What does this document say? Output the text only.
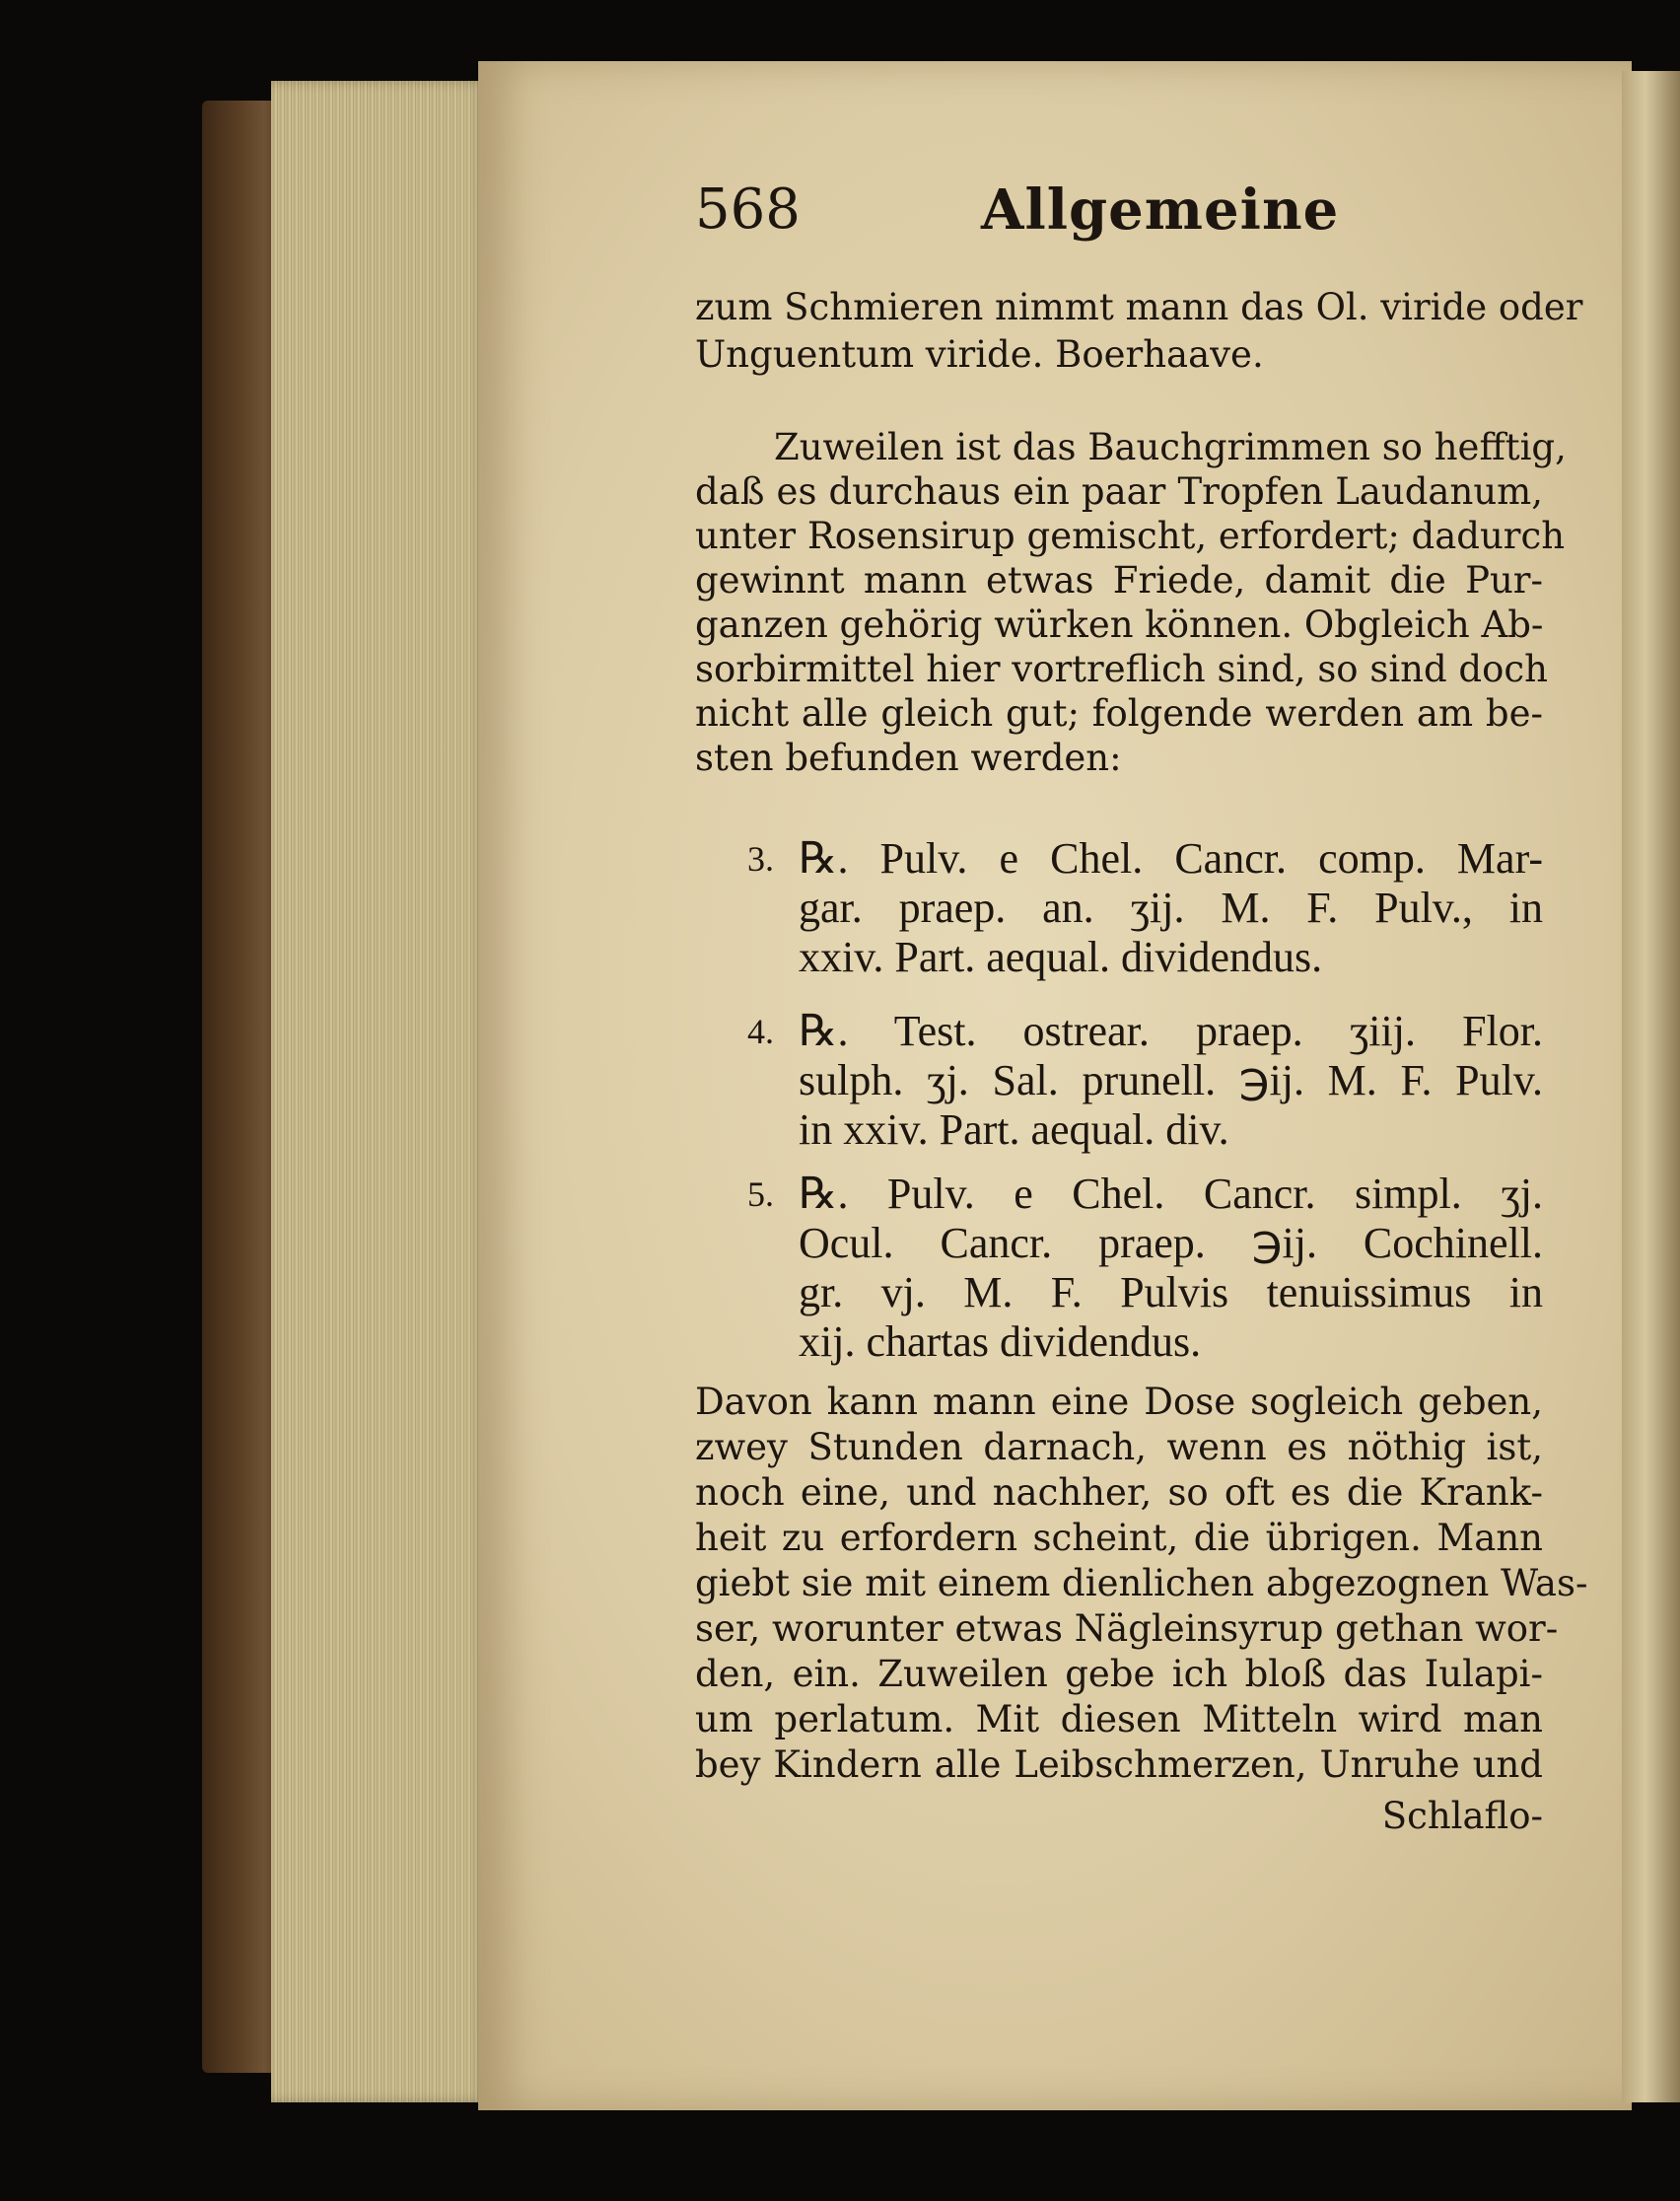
568	Allgemeine
zum Schmieren nimmt mann das Ol. viride oder
Unguentum viride. Boerhaave.
Zuweilen ist das Bauchgrimmen so hefftig,
daß es durchaus ein paar Tropfen Laudanum,
unter Rosensirup gemischt, erfordert; dadurch
gewinnt mann etwas Friede, damit die Pur-
ganzen gehörig würken können. Obgleich Ab-
sorbirmittel hier vortreflich sind, so sind doch
nicht alle gleich gut; folgende werden am be-
sten befunden werden:
3. ℞. Pulv. e Chel. Cancr. comp. Mar-
gar. praep. an. ʒij. M. F. Pulv., in
xxiv. Part. aequal. dividendus.
4. ℞. Test. ostrear. praep. ʒiij. Flor.
sulph. ʒj. Sal. prunell. ℈ij. M. F. Pulv.
in xxiv. Part. aequal. div.
5. ℞. Pulv. e Chel. Cancr. simpl. ʒj.
Ocul. Cancr. praep. ℈ij. Cochinell.
gr. vj. M. F. Pulvis tenuissimus in
xij. chartas dividendus.
Davon kann mann eine Dose sogleich geben,
zwey Stunden darnach, wenn es nöthig ist,
noch eine, und nachher, so oft es die Krank-
heit zu erfordern scheint, die übrigen. Mann
giebt sie mit einem dienlichen abgezognen Was-
ser, worunter etwas Nägleinsyrup gethan wor-
den, ein. Zuweilen gebe ich bloß das Iulapi-
um perlatum. Mit diesen Mitteln wird man
bey Kindern alle Leibschmerzen, Unruhe und
Schlaflo-
